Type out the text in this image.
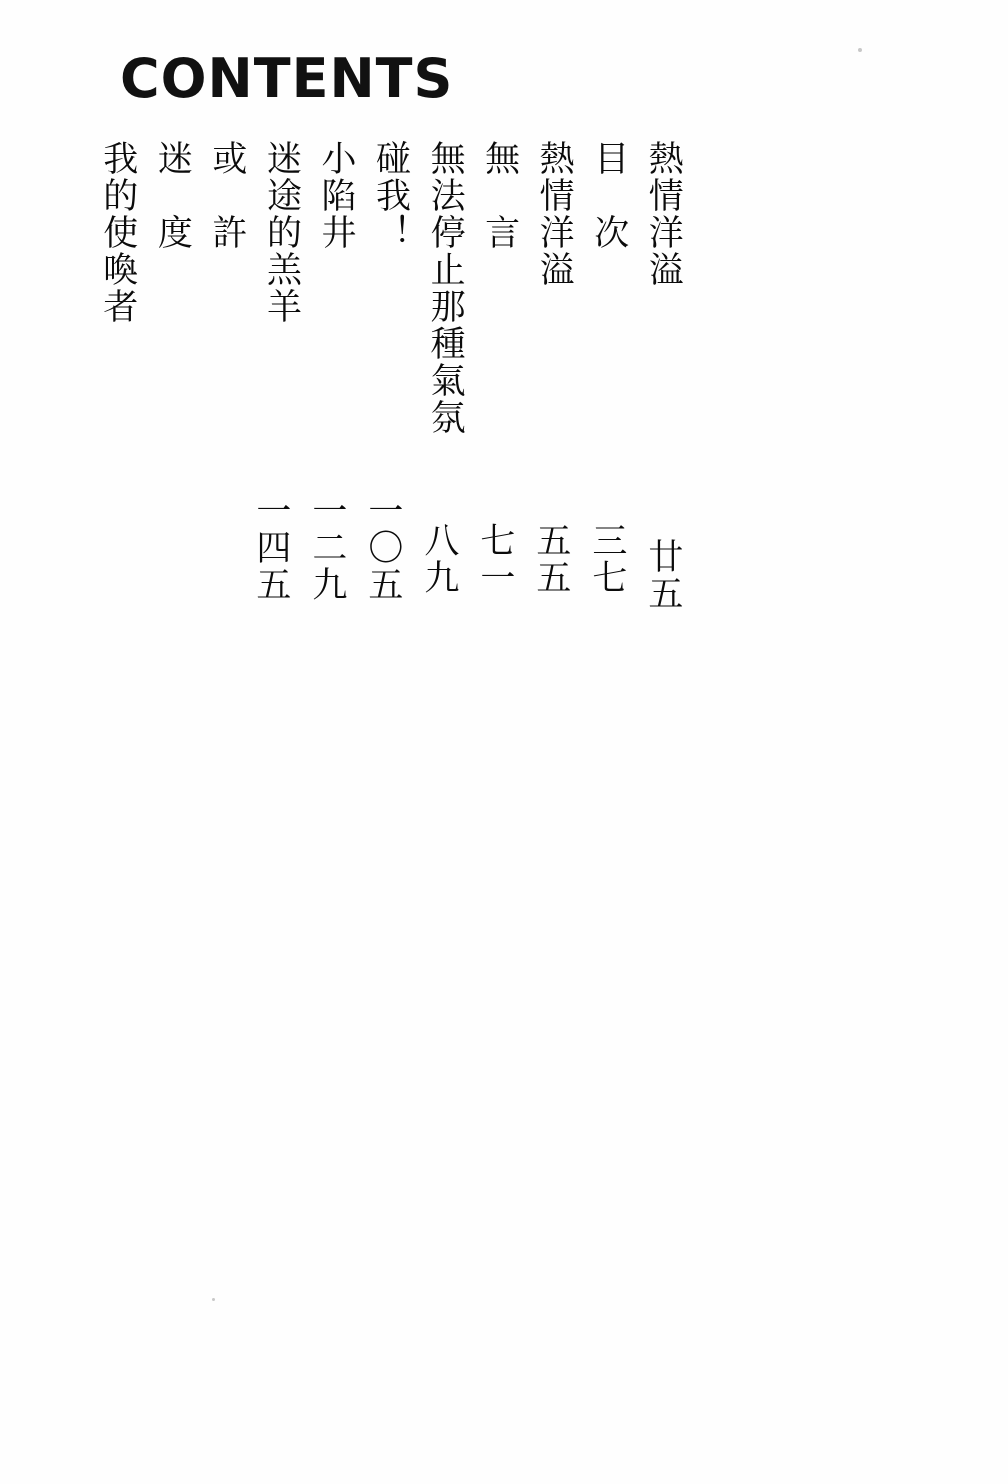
CONTENTS
熱情洋溢
目　次
熱情洋溢
無　言
無法停止那種氣氛
碰我！
小陷井
迷途的羔羊
或　許
迷　度
我的使喚者
廿五
三七
五五
七一
八九
一〇五
一二九
一四五
